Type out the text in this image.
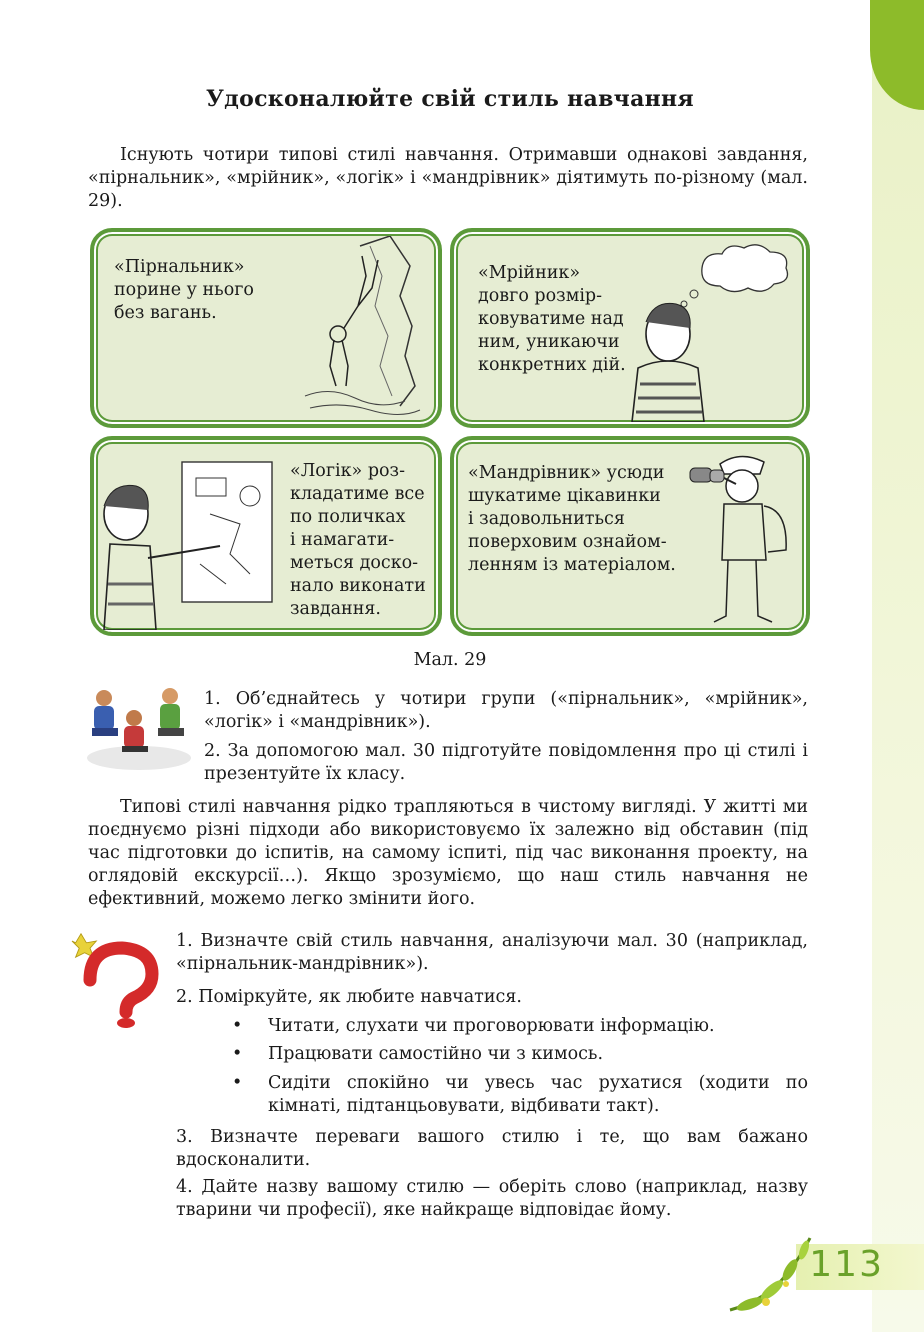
Удосконалюйте свій стиль навчання

Існують чотири типові стилі навчання. Отримавши однакові завдання, «пірнальник», «мрійник», «логік» і «мандрівник» діятимуть по-різному (мал. 29).

«Пірнальник»
порине у нього
без вагань.
«Мрійник»
довго розмір-
ковуватиме над
ним, уникаючи
конкретних дій.
«Логік» роз-
кладатиме все
по поличках
і намагати-
меться доско-
нало виконати
завдання.
«Мандрівник» усюди
шукатиме цікавинки
і задовольниться
поверховим ознайом-
ленням із матеріалом.
Мал. 29

1. Об’єднайтесь у чотири групи («пірнальник», «мрійник», «логік» і «мандрівник»).

2. За допомогою мал. 30 підготуйте повідомлення про ці стилі і презентуйте їх класу.

Типові стилі навчання рідко трапляються в чистому вигляді. У житті ми поєднуємо різні підходи або використовуємо їх залежно від обставин (під час підготовки до іспитів, на самому іспиті, під час виконання проекту, на оглядовій екскурсії…). Якщо зрозуміємо, що наш стиль навчання не ефективний, можемо легко змінити його.

1. Визначте свій стиль навчання, аналізуючи мал. 30 (наприклад, «пірнальник-мандрівник»).

2. Поміркуйте, як любите навчатися.

• Читати, слухати чи проговорювати інформацію.

• Працювати самостійно чи з кимось.

• Сидіти спокійно чи увесь час рухатися (ходити по кімнаті, підтанцьовувати, відбивати такт).

3. Визначте переваги вашого стилю і те, що вам бажано вдосконалити.

4. Дайте назву вашому стилю — оберіть слово (наприклад, назву тварини чи професії), яке найкраще відповідає йому.

113
